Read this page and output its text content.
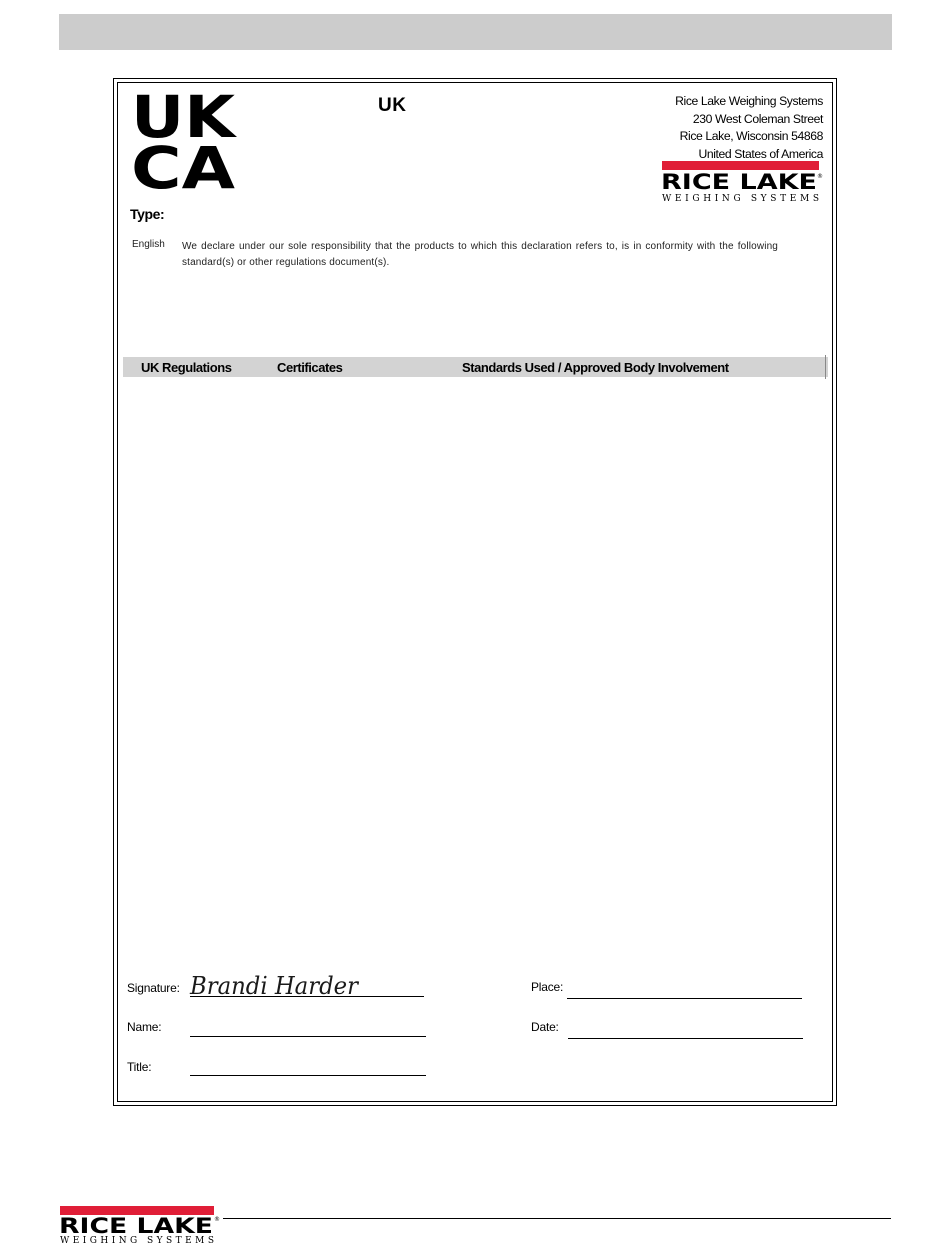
UK
CA
UK	Rice Lake Weighing Systems
230 West Coleman Street
Rice Lake, Wisconsin 54868
United States of America
RICE LAKE ®
WEIGHING SYSTEMS
Type:
English We declare under our sole responsibility that the products to which this declaration refers to, is in conformity with the following standard(s) or other regulations document(s).
UK Regulations	Certificates	Standards Used / Approved Body Involvement
Signature: Brandi Harder
Name:
Title:
Place:
Date:
RICE LAKE ®
WEIGHING SYSTEMS
